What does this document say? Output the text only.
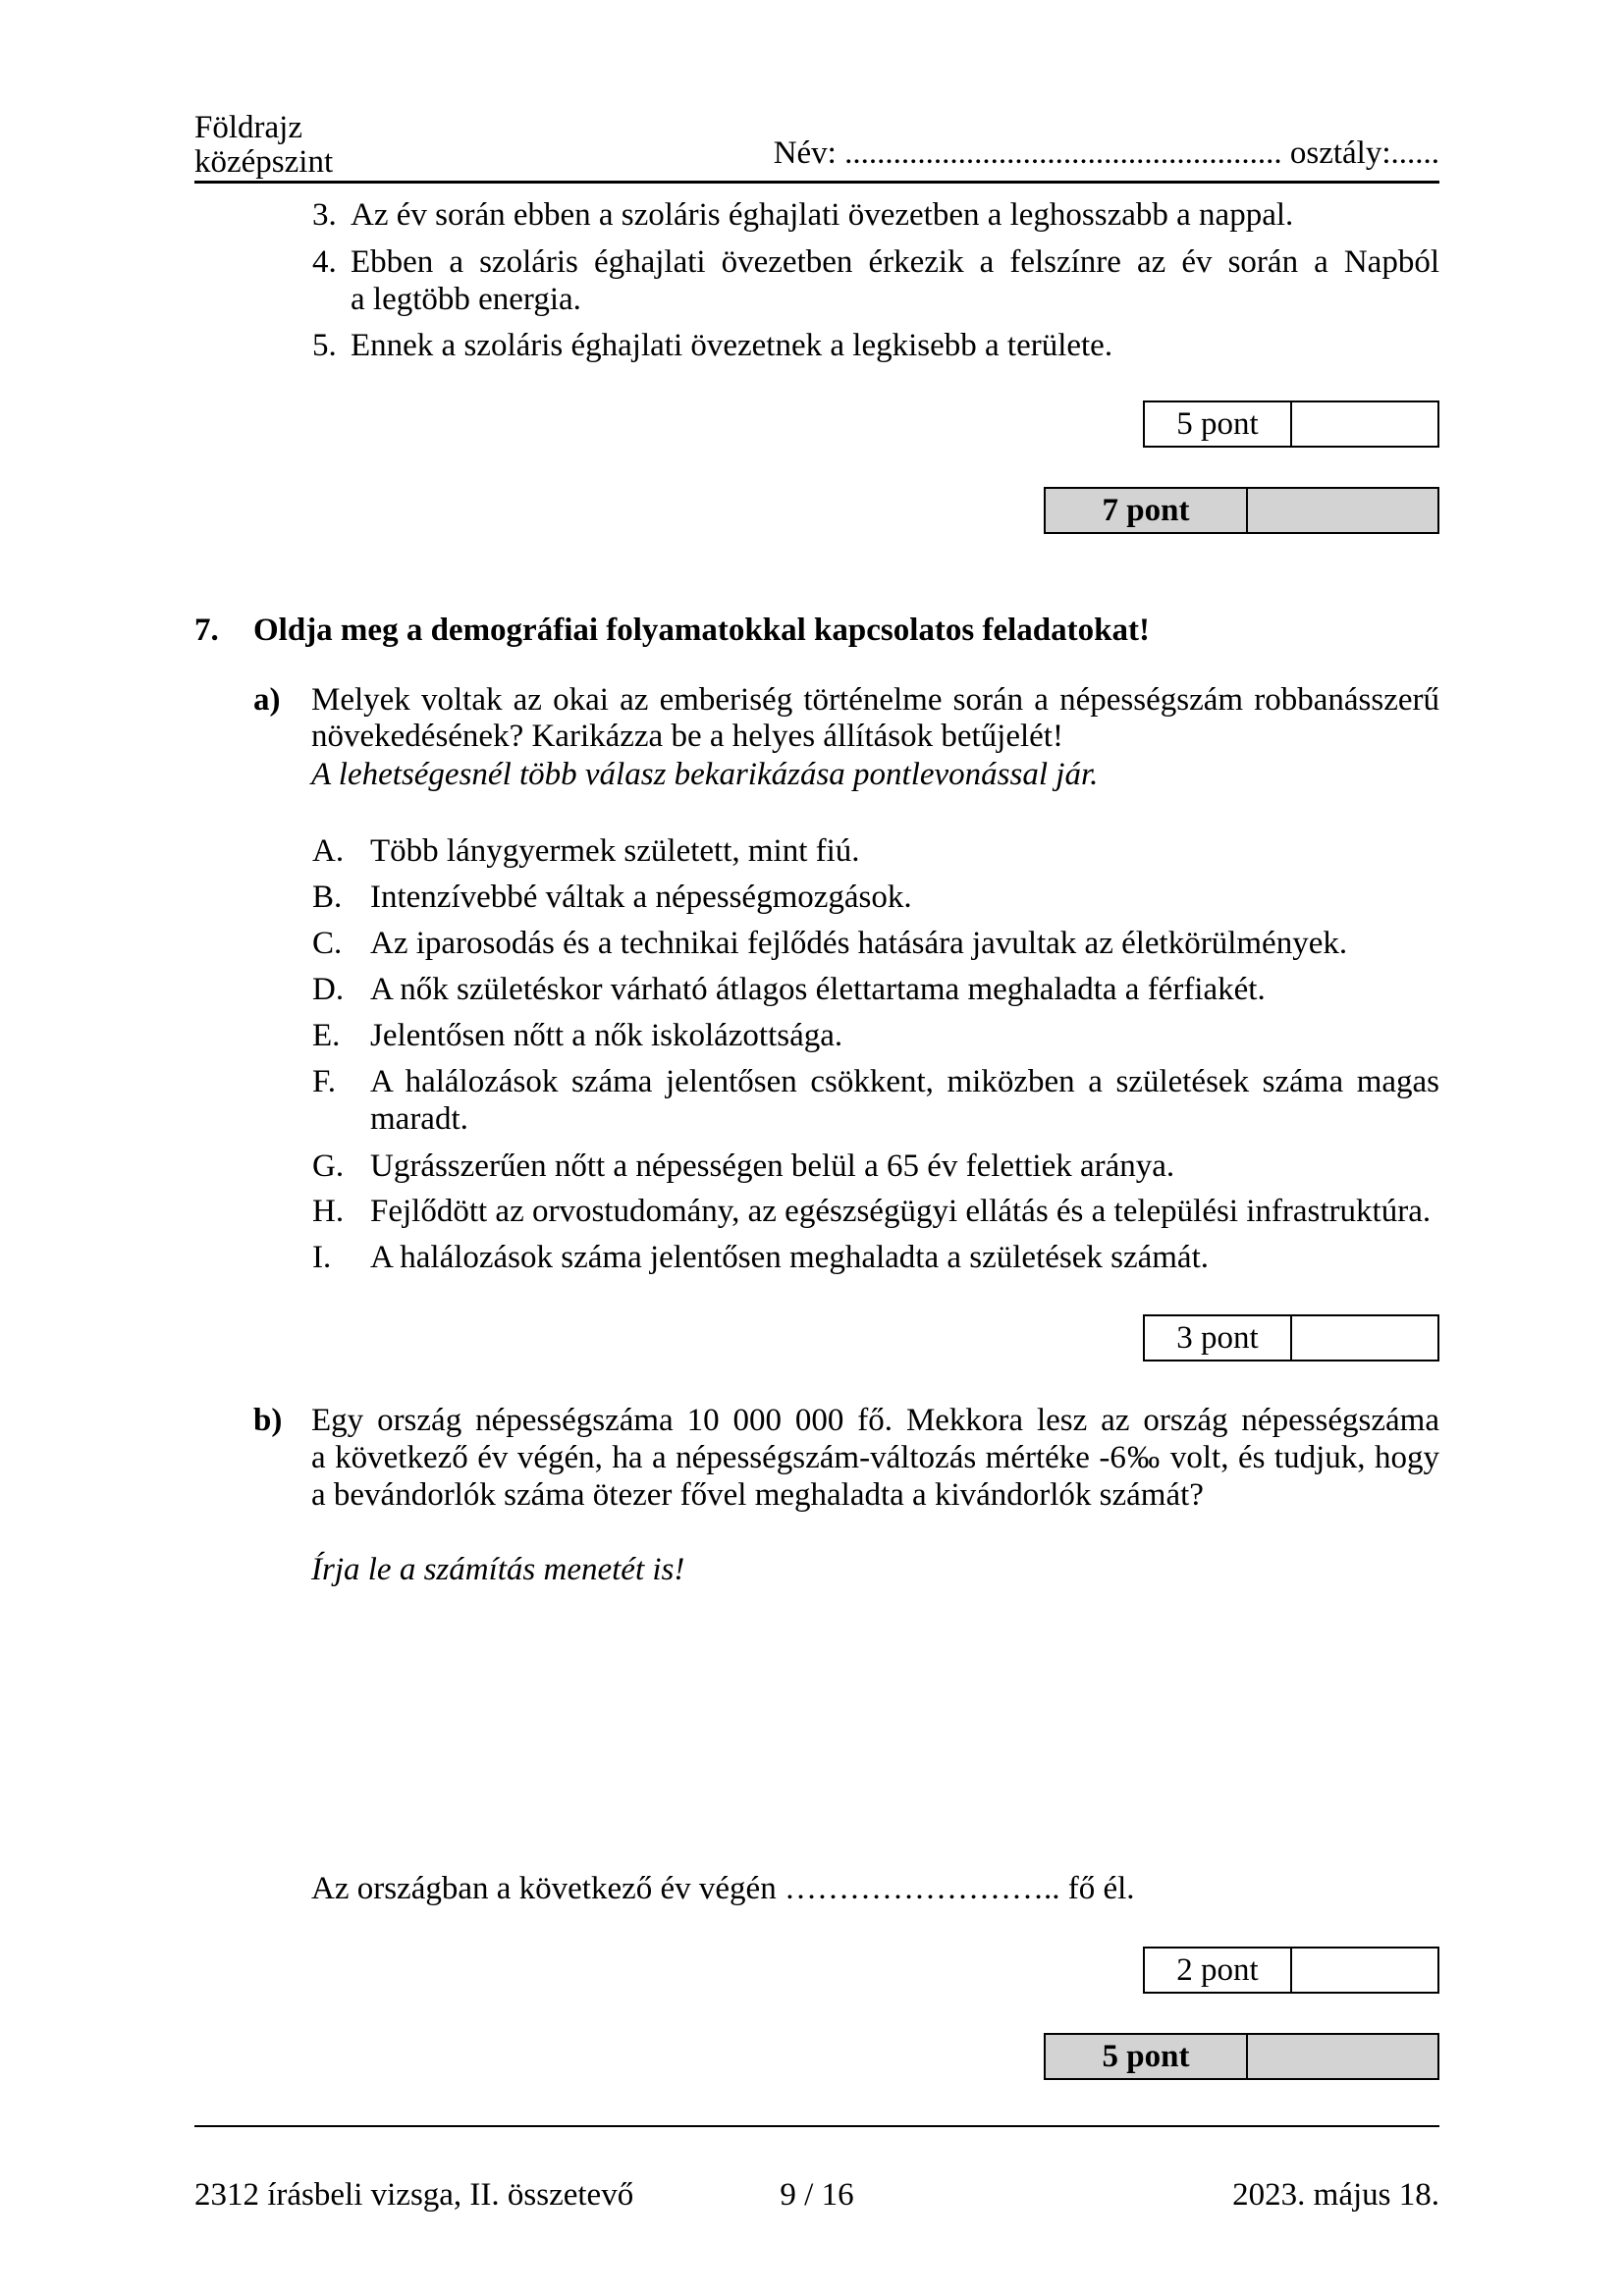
Földrajz
középszint	Név: ...................................................... osztály:......
3. Az év során ebben a szoláris éghajlati övezetben a leghosszabb a nappal.
4. Ebben a szoláris éghajlati övezetben érkezik a felszínre az év során a Napból
a legtöbb energia.
5. Ennek a szoláris éghajlati övezetnek a legkisebb a területe.
5 pont
7 pont
7. Oldja meg a demográfiai folyamatokkal kapcsolatos feladatokat!
a) Melyek voltak az okai az emberiség történelme során a népességszám robbanásszerű
növekedésének? Karikázza be a helyes állítások betűjelét!
A lehetségesnél több válasz bekarikázása pontlevonással jár.
A. Több lánygyermek született, mint fiú.
B. Intenzívebbé váltak a népességmozgások.
C. Az iparosodás és a technikai fejlődés hatására javultak az életkörülmények.
D. A nők születéskor várható átlagos élettartama meghaladta a férfiakét.
E. Jelentősen nőtt a nők iskolázottsága.
F. A halálozások száma jelentősen csökkent, miközben a születések száma magas
maradt.
G. Ugrásszerűen nőtt a népességen belül a 65 év felettiek aránya.
H. Fejlődött az orvostudomány, az egészségügyi ellátás és a települési infrastruktúra.
I. A halálozások száma jelentősen meghaladta a születések számát.
3 pont
b) Egy ország népességszáma 10 000 000 fő. Mekkora lesz az ország népességszáma
a következő év végén, ha a népességszám-változás mértéke -6‰ volt, és tudjuk, hogy
a bevándorlók száma ötezer fővel meghaladta a kivándorlók számát?
Írja le a számítás menetét is!
Az országban a következő év végén …………………….. fő él.
2 pont
5 pont
2312 írásbeli vizsga, II. összetevő	9 / 16	2023. május 18.
